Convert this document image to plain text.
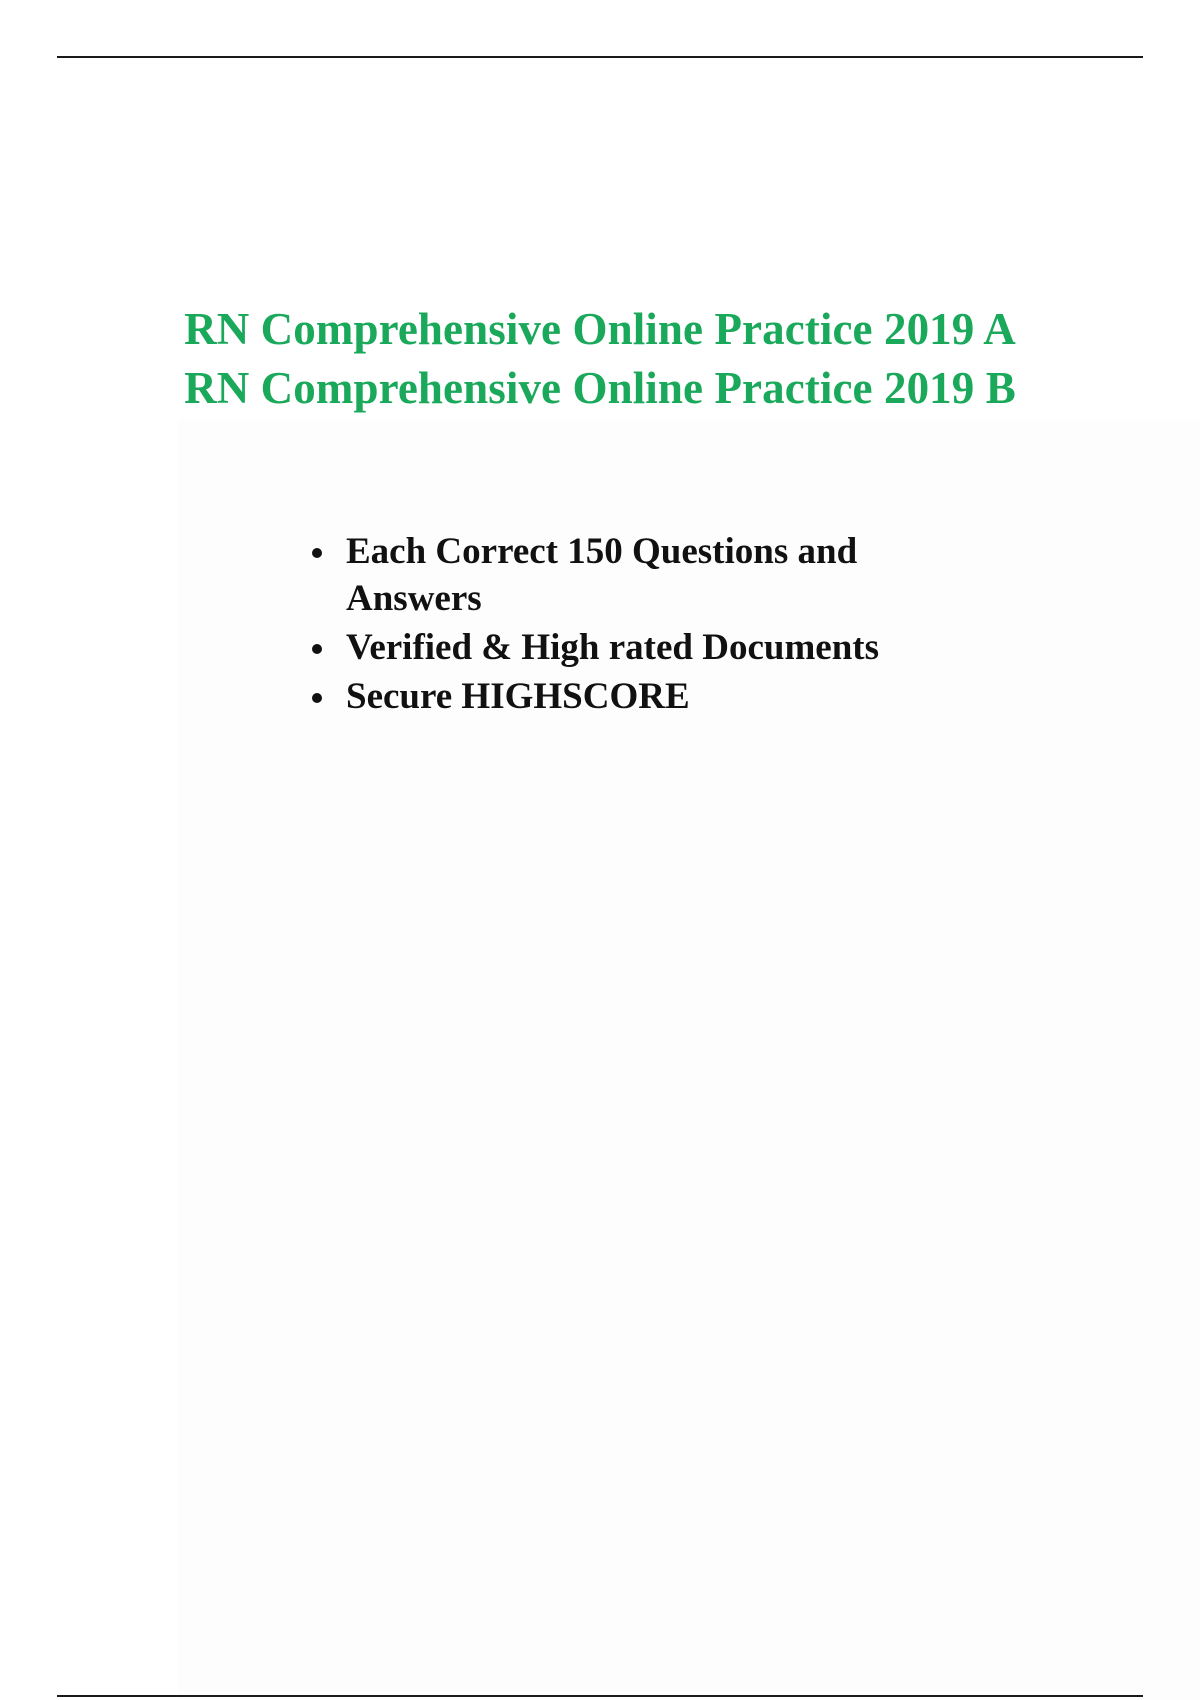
RN Comprehensive Online Practice 2019 A
RN Comprehensive Online Practice 2019 B
Each Correct 150 Questions and Answers
Verified & High rated Documents
Secure HIGHSCORE
